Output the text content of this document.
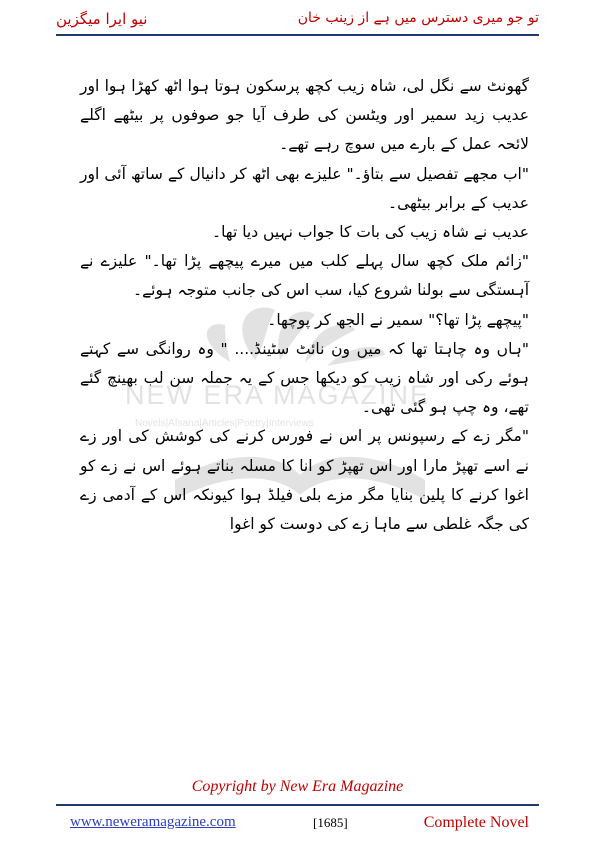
نیو ایرا میگزین	تو جو میری دسترس میں ہے از زینب خان
NEW ERA MAGAZINE
Novels|Afsana|Articles|Poetry|Interviews

گھونٹ سے نگل لی، شاہ زیب کچھ پرسکون ہوتا ہوا اٹھ کھڑا ہوا اور عدیب زید سمیر اور ویٹسن کی طرف آیا جو صوفوں پر بیٹھے اگلے لائحہ عمل کے بارے میں سوچ رہے تھے۔

"اب مجھے تفصیل سے بتاؤ۔" علیزے بھی اٹھ کر دانیال کے ساتھ آئی اور عدیب کے برابر بیٹھی۔

عدیب نے شاہ زیب کی بات کا جواب نہیں دیا تھا۔

"زائم ملک کچھ سال پہلے کلب میں میرے پیچھے پڑا تھا۔" علیزے نے آہستگی سے بولنا شروع کیا، سب اس کی جانب متوجہ ہوئے۔

"پیچھے پڑا تھا؟" سمیر نے الجھ کر پوچھا۔

"ہاں وہ چاہتا تھا کہ میں ون نائٹ سٹینڈ.... " وہ روانگی سے کہتے ہوئے رکی اور شاہ زیب کو دیکھا جس کے یہ جملہ سن لب بھینچ گئے تھے، وہ چپ ہو گئی تھی۔

"مگر زے کے رسپونس پر اس نے فورس کرنے کی کوشش کی اور زے نے اسے تھپڑ مارا اور اس تھپڑ کو انا کا مسلہ بناتے ہوئے اس نے زے کو اغوا کرنے کا پلین بنایا مگر مزے بلی فیلڈ ہوا کیونکہ اس کے آدمی زے کی جگہ غلطی سے ماہا زے کی دوست کو اغوا

Copyright by New Era Magazine
www.neweramagazine.com	[1685]	Complete Novel
